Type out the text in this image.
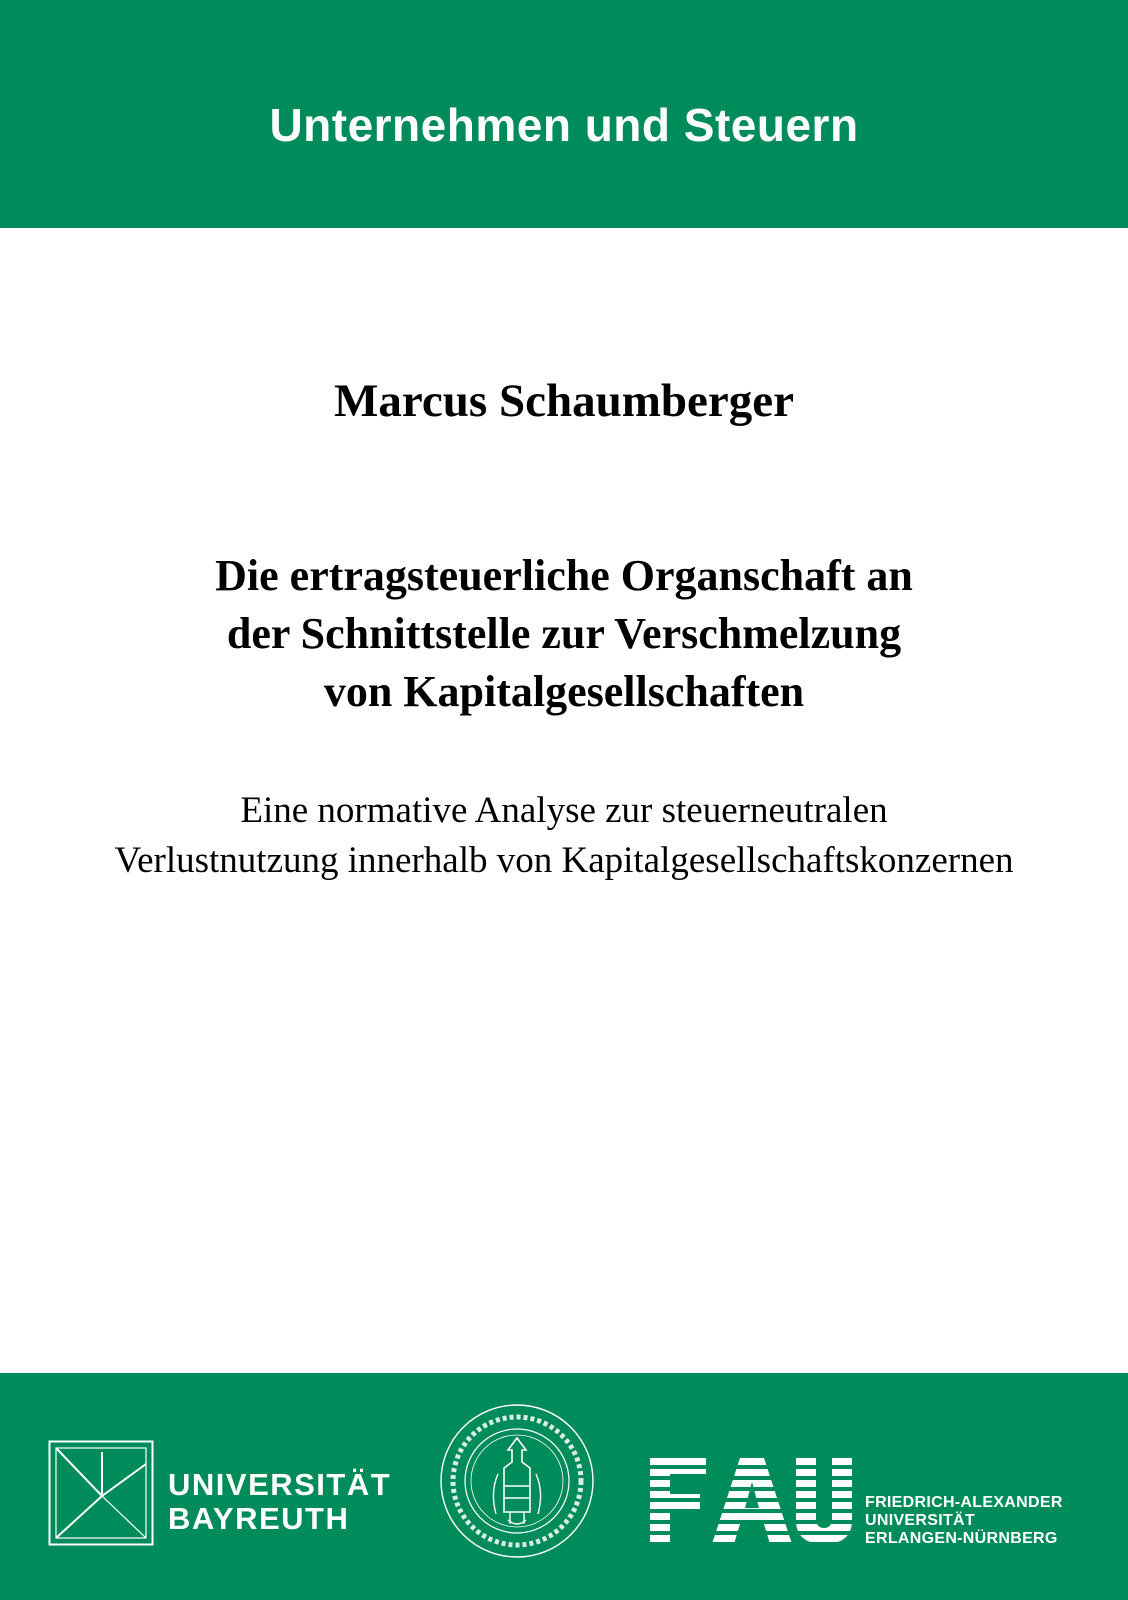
Unternehmen und Steuern
Marcus Schaumberger
Die ertragsteuerliche Organschaft an
der Schnittstelle zur Verschmelzung
von Kapitalgesellschaften
Eine normative Analyse zur steuerneutralen
Verlustnutzung innerhalb von Kapitalgesellschaftskonzernen
UNIVERSITÄT
BAYREUTH	FRIEDRICH-ALEXANDER
UNIVERSITÄT
ERLANGEN-NÜRNBERG
